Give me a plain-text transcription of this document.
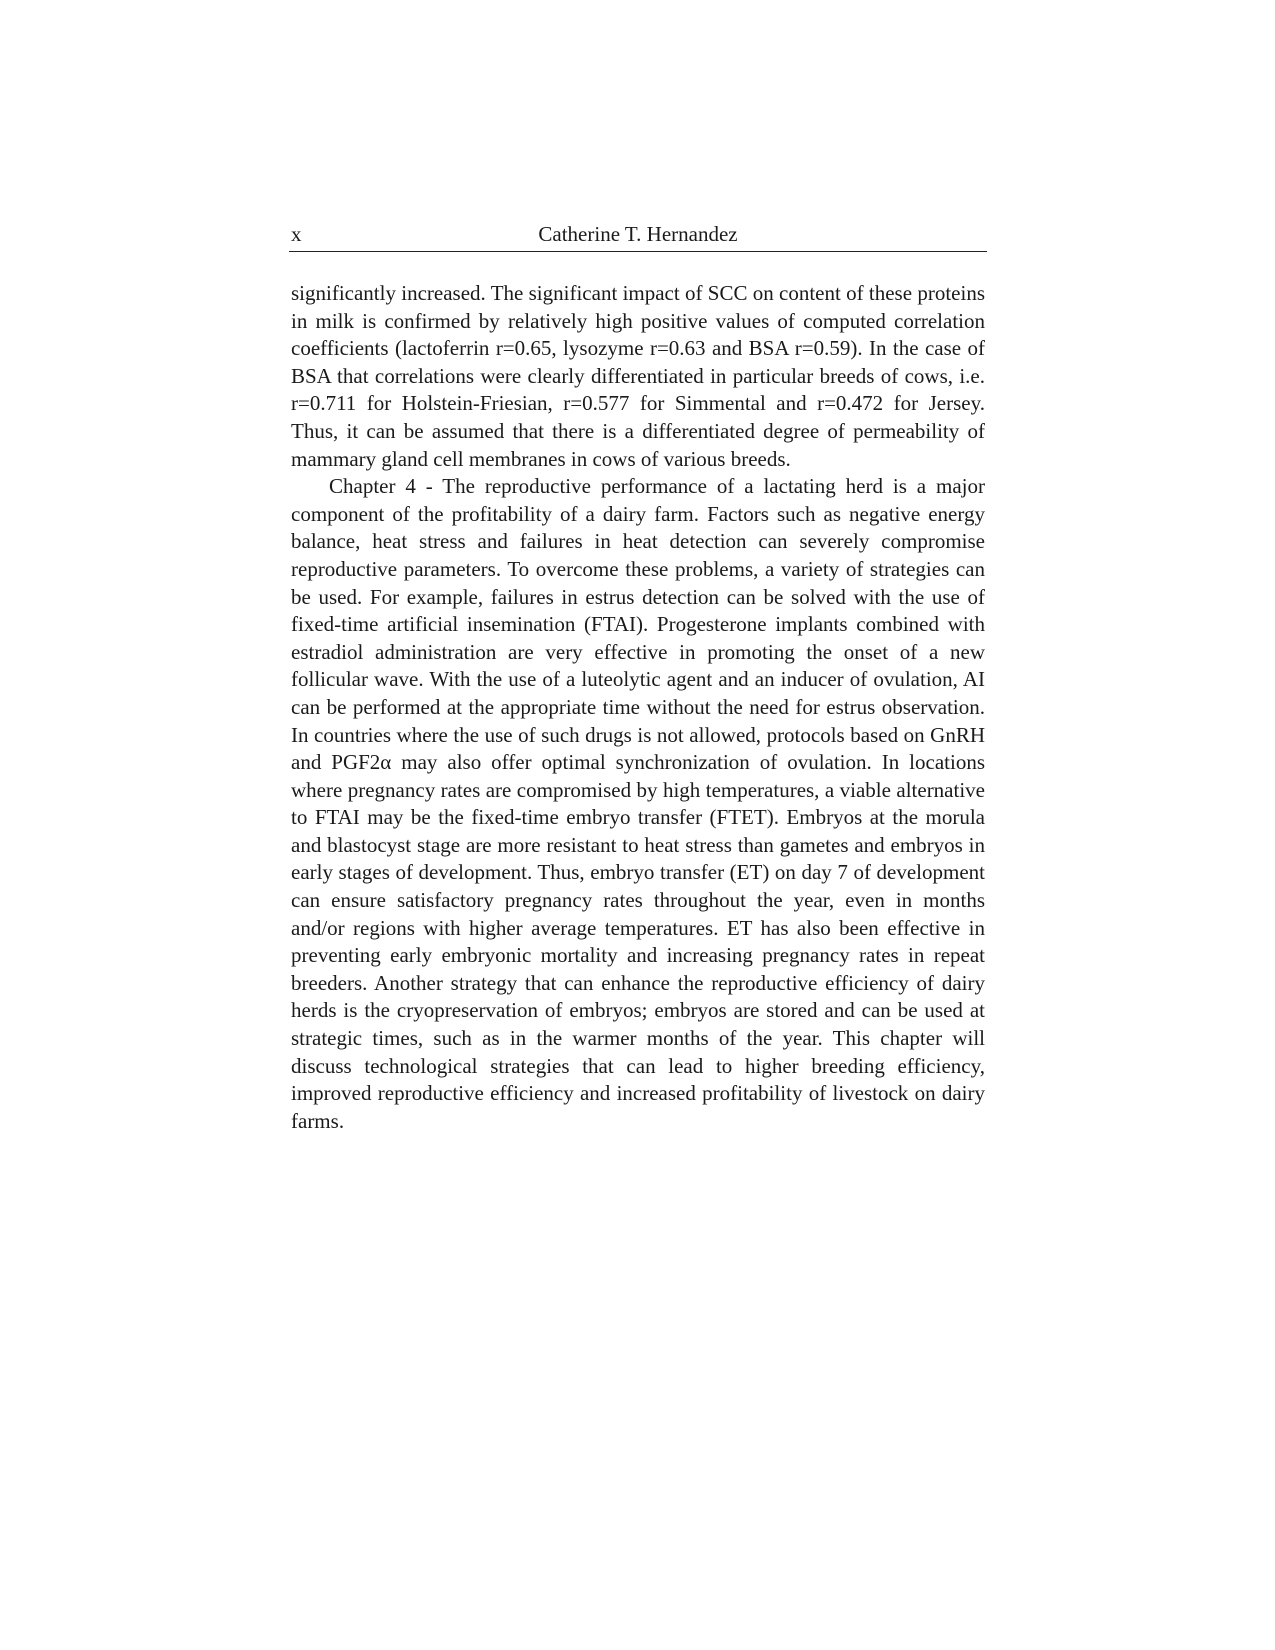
x	Catherine T. Hernandez

significantly increased. The significant impact of SCC on content of these proteins in milk is confirmed by relatively high positive values of computed correlation coefficients (lactoferrin r=0.65, lysozyme r=0.63 and BSA r=0.59). In the case of BSA that correlations were clearly differentiated in particular breeds of cows, i.e. r=0.711 for Holstein-Friesian, r=0.577 for Simmental and r=0.472 for Jersey. Thus, it can be assumed that there is a differentiated degree of permeability of mammary gland cell membranes in cows of various breeds.

Chapter 4 - The reproductive performance of a lactating herd is a major component of the profitability of a dairy farm. Factors such as negative energy balance, heat stress and failures in heat detection can severely compromise reproductive parameters. To overcome these problems, a variety of strategies can be used. For example, failures in estrus detection can be solved with the use of fixed-time artificial insemination (FTAI). Progesterone implants combined with estradiol administration are very effective in promoting the onset of a new follicular wave. With the use of a luteolytic agent and an inducer of ovulation, AI can be performed at the appropriate time without the need for estrus observation. In countries where the use of such drugs is not allowed, protocols based on GnRH and PGF2α may also offer optimal synchronization of ovulation. In locations where pregnancy rates are compromised by high temperatures, a viable alternative to FTAI may be the fixed-time embryo transfer (FTET). Embryos at the morula and blastocyst stage are more resistant to heat stress than gametes and embryos in early stages of development. Thus, embryo transfer (ET) on day 7 of development can ensure satisfactory pregnancy rates throughout the year, even in months and/or regions with higher average temperatures. ET has also been effective in preventing early embryonic mortality and increasing pregnancy rates in repeat breeders. Another strategy that can enhance the reproductive efficiency of dairy herds is the cryopreservation of embryos; embryos are stored and can be used at strategic times, such as in the warmer months of the year. This chapter will discuss technological strategies that can lead to higher breeding efficiency, improved reproductive efficiency and increased profitability of livestock on dairy farms.
